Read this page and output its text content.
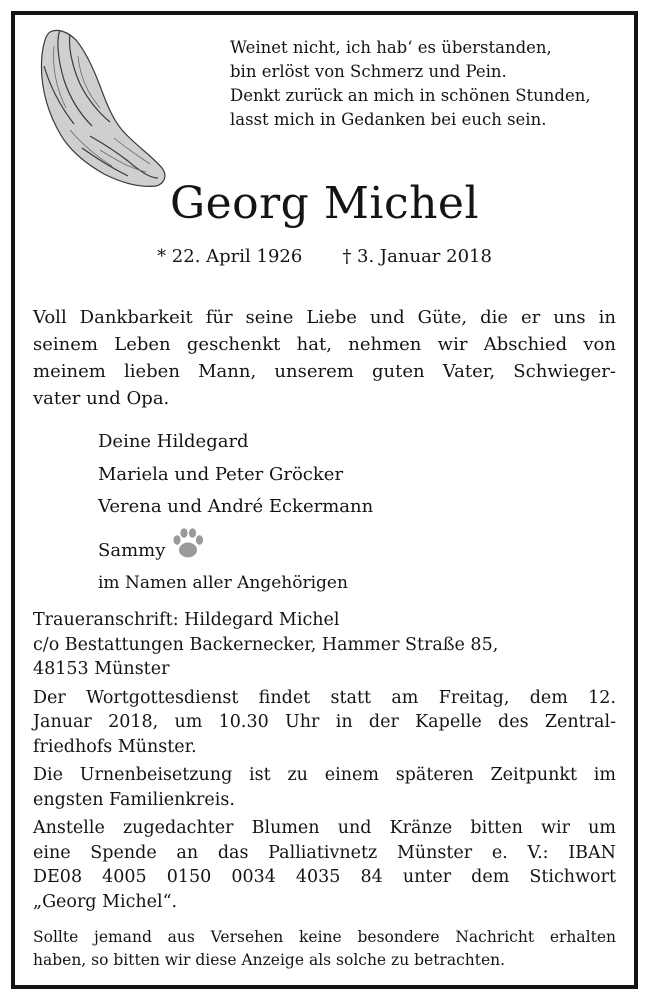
Weinet nicht, ich hab‘ es überstanden,
bin erlöst von Schmerz und Pein.
Denkt zurück an mich in schönen Stunden,
lasst mich in Gedanken bei euch sein.
Georg Michel
* 22. April 1926 † 3. Januar 2018
Voll Dankbarkeit für seine Liebe und Güte, die er uns in
seinem Leben geschenkt hat, nehmen wir Abschied von
meinem lieben Mann, unserem guten Vater, Schwieger-
vater und Opa.
Deine Hildegard
Mariela und Peter Gröcker
Verena und André Eckermann
Sammy
im Namen aller Angehörigen
Traueranschrift: Hildegard Michel
c/o Bestattungen Backernecker, Hammer Straße 85,
48153 Münster
Der Wortgottesdienst findet statt am Freitag, dem 12.
Januar 2018, um 10.30 Uhr in der Kapelle des Zentral-
friedhofs Münster.
Die Urnenbeisetzung ist zu einem späteren Zeitpunkt im
engsten Familienkreis.
Anstelle zugedachter Blumen und Kränze bitten wir um
eine Spende an das Palliativnetz Münster e. V.: IBAN
DE08 4005 0150 0034 4035 84 unter dem Stichwort
„Georg Michel“.
Sollte jemand aus Versehen keine besondere Nachricht erhalten
haben, so bitten wir diese Anzeige als solche zu betrachten.
